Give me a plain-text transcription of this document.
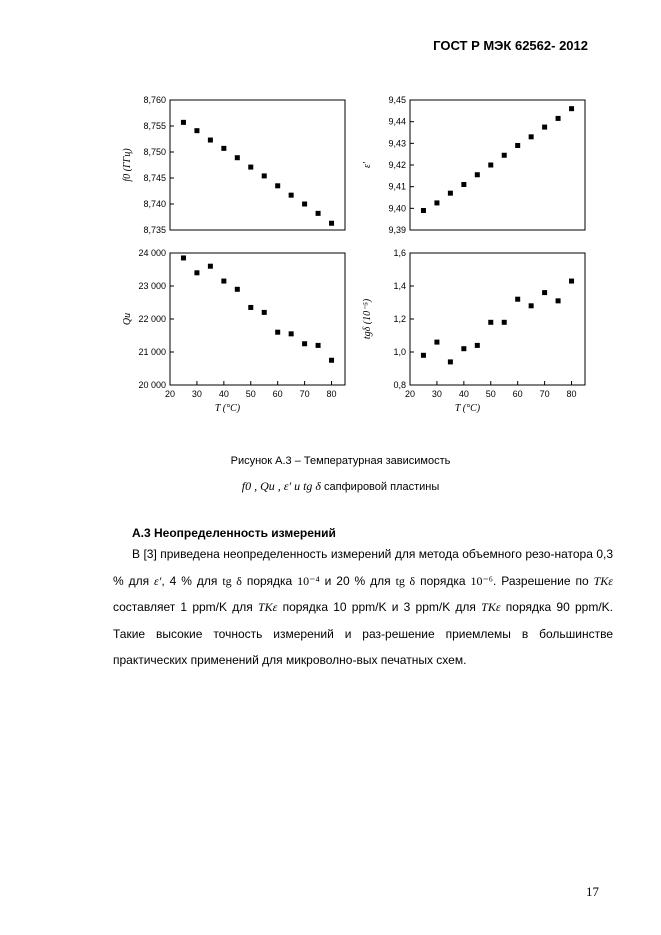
ГОСТ Р МЭК 62562- 2012
8,735
8,740
8,745
8,750
8,755
8,760
f0 (ГГц)
9,39
9,40
9,41
9,42
9,43
9,44
9,45
ε'
20 000
21 000
22 000
23 000
24 000
20 30 40 50 60 70 80
Qu
T (°C)
0,8
1,0
1,2
1,4
1,6
20 30 40 50 60 70 80
tgδ (10⁻⁵)
T (°C)
Рисунок А.3 – Температурная зависимость
f0 , Qu , ε′ и tg δ сапфировой пластины
А.3 Неопределенность измерений

В [3] приведена неопределенность измерений для метода объемного резо-натора 0,3 % для ε′, 4 % для tg δ порядка 10⁻⁴ и 20 % для tg δ порядка 10⁻⁶. Разрешение по TKε составляет 1 ppm/K для TKε порядка 10 ppm/K и 3 ppm/K для TKε порядка 90 ppm/K. Такие высокие точность измерений и раз-решение приемлемы в большинстве практических применений для микроволно-вых печатных схем.

17
